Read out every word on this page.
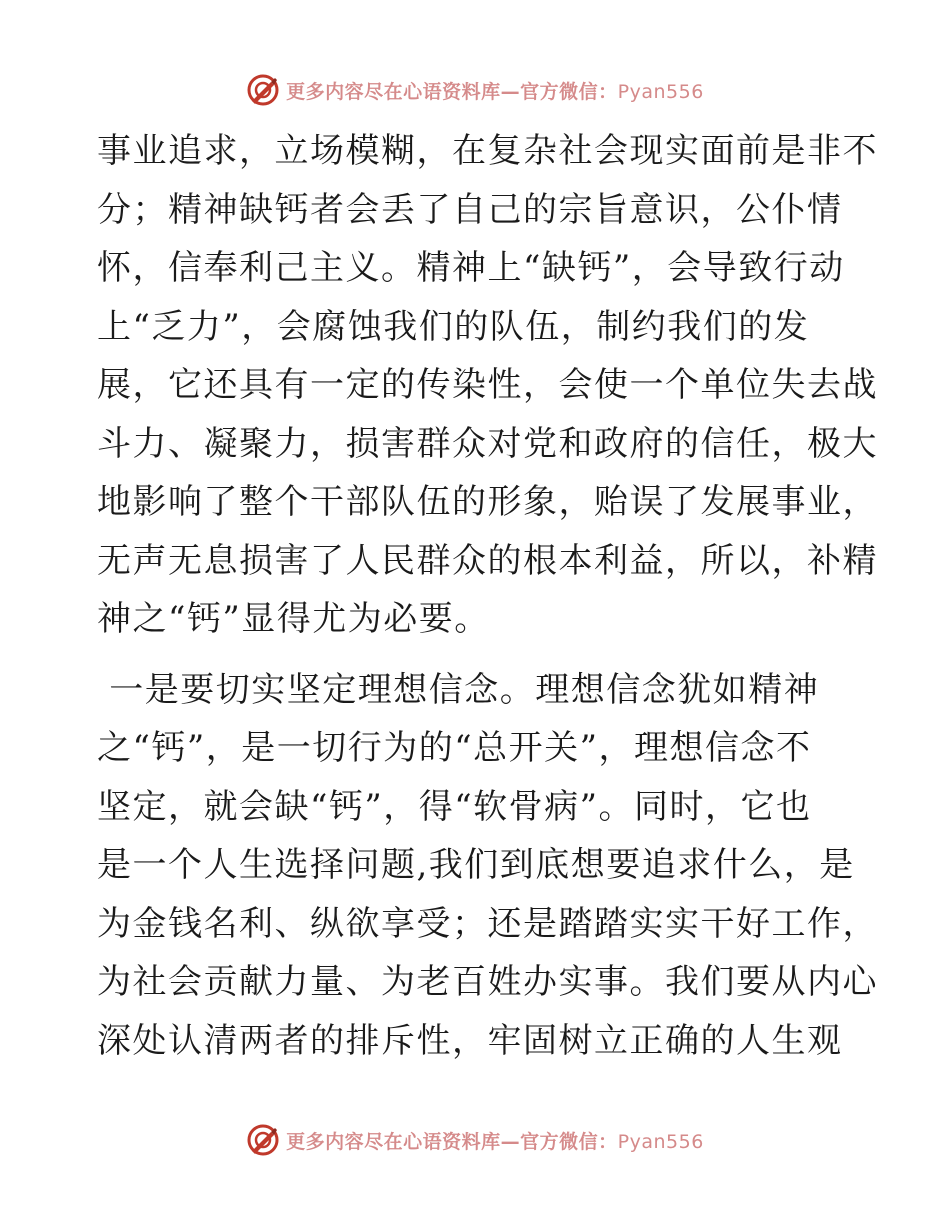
更多内容尽在心语资料库—官方微信：Pyan556

事业追求，立场模糊，在复杂社会现实面前是非不
分；精神缺钙者会丢了自己的宗旨意识，公仆情
怀，信奉利己主义。精神上“缺钙”，会导致行动
上“乏力”，会腐蚀我们的队伍，制约我们的发
展，它还具有一定的传染性，会使一个单位失去战
斗力、凝聚力，损害群众对党和政府的信任，极大
地影响了整个干部队伍的形象，贻误了发展事业，
无声无息损害了人民群众的根本利益，所以，补精
神之“钙”显得尤为必要。

一是要切实坚定理想信念。理想信念犹如精神
之“钙”，是一切行为的“总开关”，理想信念不
坚定，就会缺“钙”，得“软骨病”。同时，它也
是一个人生选择问题,我们到底想要追求什么，是
为金钱名利、纵欲享受；还是踏踏实实干好工作，
为社会贡献力量、为老百姓办实事。我们要从内心
深处认清两者的排斥性，牢固树立正确的人生观

更多内容尽在心语资料库—官方微信：Pyan556
